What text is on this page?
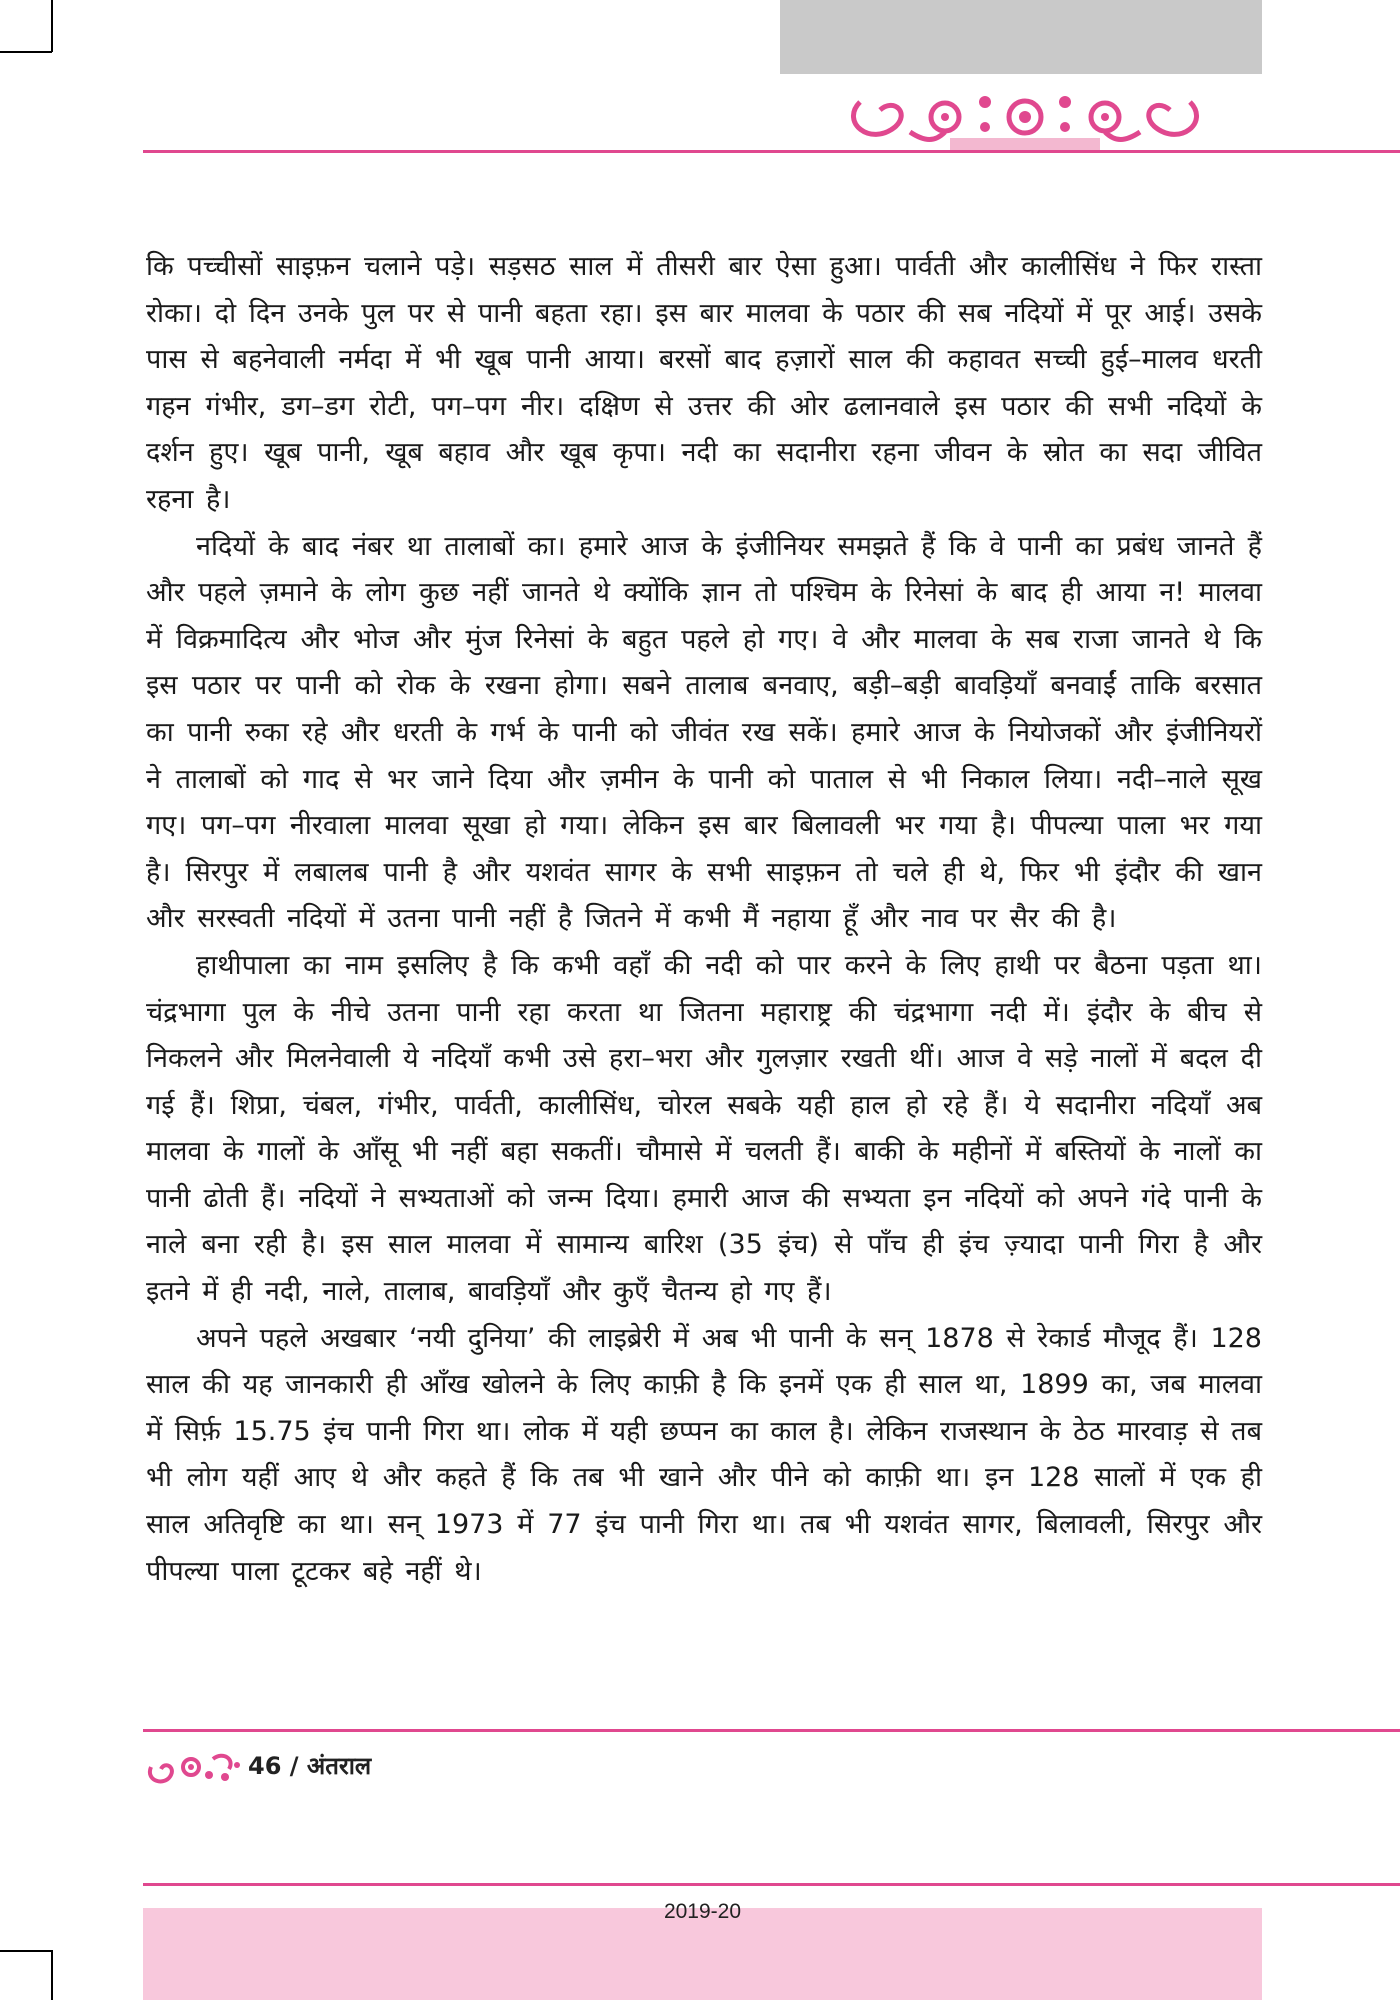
कि पच्चीसों साइफ़न चलाने पड़े। सड़सठ साल में तीसरी बार ऐसा हुआ। पार्वती और कालीसिंध ने फिर रास्ता रोका। दो दिन उनके पुल पर से पानी बहता रहा। इस बार मालवा के पठार की सब नदियों में पूर आई। उसके पास से बहनेवाली नर्मदा में भी खूब पानी आया। बरसों बाद हज़ारों साल की कहावत सच्ची हुई–मालव धरती गहन गंभीर, डग–डग रोटी, पग–पग नीर। दक्षिण से उत्तर की ओर ढलानवाले इस पठार की सभी नदियों के दर्शन हुए। खूब पानी, खूब बहाव और खूब कृपा। नदी का सदानीरा रहना जीवन के स्रोत का सदा जीवित रहना है।

नदियों के बाद नंबर था तालाबों का। हमारे आज के इंजीनियर समझते हैं कि वे पानी का प्रबंध जानते हैं और पहले ज़माने के लोग कुछ नहीं जानते थे क्योंकि ज्ञान तो पश्चिम के रिनेसां के बाद ही आया न! मालवा में विक्रमादित्य और भोज और मुंज रिनेसां के बहुत पहले हो गए। वे और मालवा के सब राजा जानते थे कि इस पठार पर पानी को रोक के रखना होगा। सबने तालाब बनवाए, बड़ी–बड़ी बावड़ियाँ बनवाईं ताकि बरसात का पानी रुका रहे और धरती के गर्भ के पानी को जीवंत रख सकें। हमारे आज के नियोजकों और इंजीनियरों ने तालाबों को गाद से भर जाने दिया और ज़मीन के पानी को पाताल से भी निकाल लिया। नदी–नाले सूख गए। पग–पग नीरवाला मालवा सूखा हो गया। लेकिन इस बार बिलावली भर गया है। पीपल्या पाला भर गया है। सिरपुर में लबालब पानी है और यशवंत सागर के सभी साइफ़न तो चले ही थे, फिर भी इंदौर की खान और सरस्वती नदियों में उतना पानी नहीं है जितने में कभी मैं नहाया हूँ और नाव पर सैर की है।

हाथीपाला का नाम इसलिए है कि कभी वहाँ की नदी को पार करने के लिए हाथी पर बैठना पड़ता था। चंद्रभागा पुल के नीचे उतना पानी रहा करता था जितना महाराष्ट्र की चंद्रभागा नदी में। इंदौर के बीच से निकलने और मिलनेवाली ये नदियाँ कभी उसे हरा–भरा और गुलज़ार रखती थीं। आज वे सड़े नालों में बदल दी गई हैं। शिप्रा, चंबल, गंभीर, पार्वती, कालीसिंध, चोरल सबके यही हाल हो रहे हैं। ये सदानीरा नदियाँ अब मालवा के गालों के आँसू भी नहीं बहा सकतीं। चौमासे में चलती हैं। बाकी के महीनों में बस्तियों के नालों का पानी ढोती हैं। नदियों ने सभ्यताओं को जन्म दिया। हमारी आज की सभ्यता इन नदियों को अपने गंदे पानी के नाले बना रही है। इस साल मालवा में सामान्य बारिश (35 इंच) से पाँच ही इंच ज़्यादा पानी गिरा है और इतने में ही नदी, नाले, तालाब, बावड़ियाँ और कुएँ चैतन्य हो गए हैं।

अपने पहले अखबार ‘नयी दुनिया’ की लाइब्रेरी में अब भी पानी के सन् 1878 से रेकार्ड मौजूद हैं। 128 साल की यह जानकारी ही आँख खोलने के लिए काफ़ी है कि इनमें एक ही साल था, 1899 का, जब मालवा में सिर्फ़ 15.75 इंच पानी गिरा था। लोक में यही छप्पन का काल है। लेकिन राजस्थान के ठेठ मारवाड़ से तब भी लोग यहीं आए थे और कहते हैं कि तब भी खाने और पीने को काफ़ी था। इन 128 सालों में एक ही साल अतिवृष्टि का था। सन् 1973 में 77 इंच पानी गिरा था। तब भी यशवंत सागर, बिलावली, सिरपुर और पीपल्या पाला टूटकर बहे नहीं थे।

46 / अंतराल
2019-20
